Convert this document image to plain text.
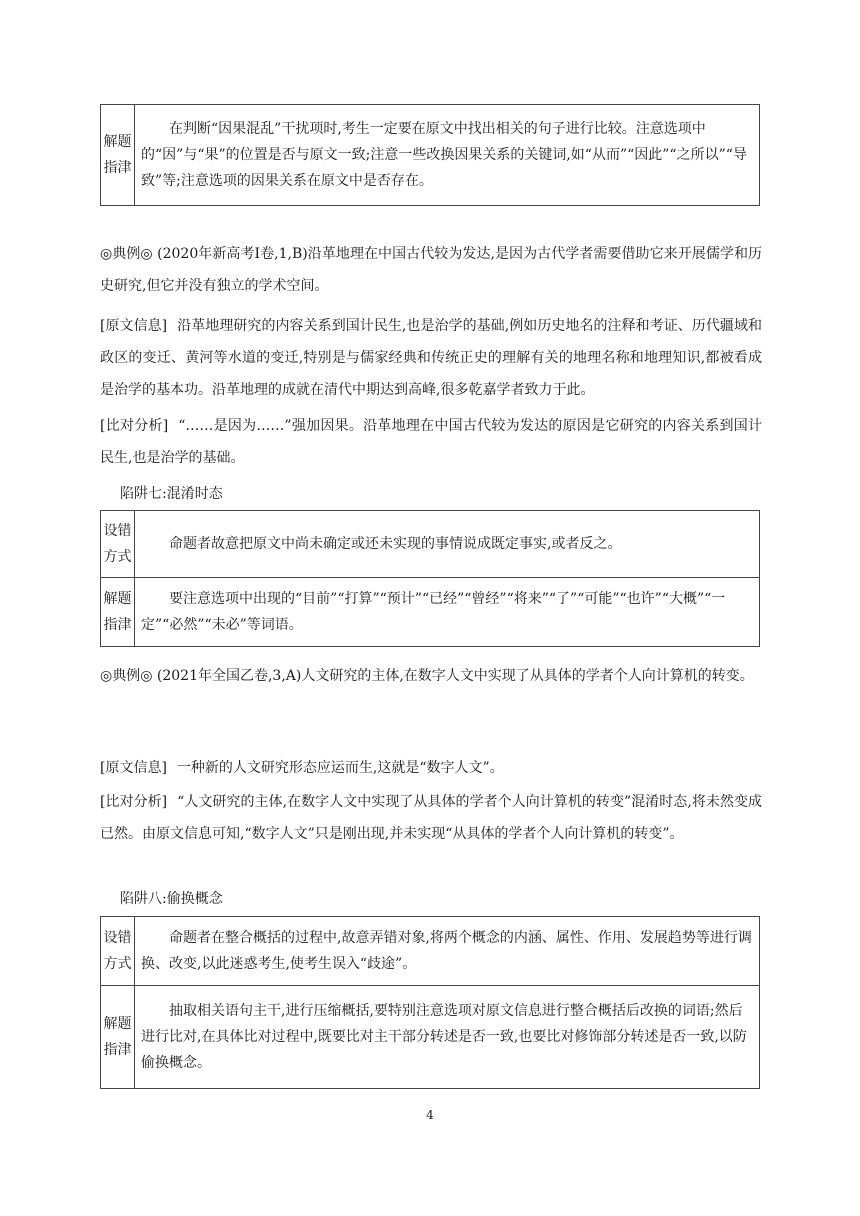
解题
指津
在判断“因果混乱”干扰项时,考生一定要在原文中找出相关的句子进行比较。注意选项中的“因”与“果”的位置是否与原文一致;注意一些改换因果关系的关键词,如“从而”“因此”“之所以”“导致”等;注意选项的因果关系在原文中是否存在。
◎典例◎ (2020年新高考Ⅰ卷,1,B)沿革地理在中国古代较为发达,是因为古代学者需要借助它来开展儒学和历史研究,但它并没有独立的学术空间。
[原文信息] 沿革地理研究的内容关系到国计民生,也是治学的基础,例如历史地名的注释和考证、历代疆域和政区的变迁、黄河等水道的变迁,特别是与儒家经典和传统正史的理解有关的地理名称和地理知识,都被看成是治学的基本功。沿革地理的成就在清代中期达到高峰,很多乾嘉学者致力于此。
[比对分析] “……是因为……”强加因果。沿革地理在中国古代较为发达的原因是它研究的内容关系到国计民生,也是治学的基础。
陷阱七:混淆时态
设错
方式
命题者故意把原文中尚未确定或还未实现的事情说成既定事实,或者反之。
解题
指津
要注意选项中出现的“目前”“打算”“预计”“已经”“曾经”“将来”“了”“可能”“也许”“大概”“一定”“必然”“未必”等词语。
◎典例◎ (2021年全国乙卷,3,A)人文研究的主体,在数字人文中实现了从具体的学者个人向计算机的转变。
[原文信息] 一种新的人文研究形态应运而生,这就是“数字人文”。
[比对分析] “人文研究的主体,在数字人文中实现了从具体的学者个人向计算机的转变”混淆时态,将未然变成已然。由原文信息可知,“数字人文”只是刚出现,并未实现“从具体的学者个人向计算机的转变”。
陷阱八:偷换概念
设错
方式
命题者在整合概括的过程中,故意弄错对象,将两个概念的内涵、属性、作用、发展趋势等进行调换、改变,以此迷惑考生,使考生误入“歧途”。
解题
指津
抽取相关语句主干,进行压缩概括,要特别注意选项对原文信息进行整合概括后改换的词语;然后进行比对,在具体比对过程中,既要比对主干部分转述是否一致,也要比对修饰部分转述是否一致,以防偷换概念。
4
